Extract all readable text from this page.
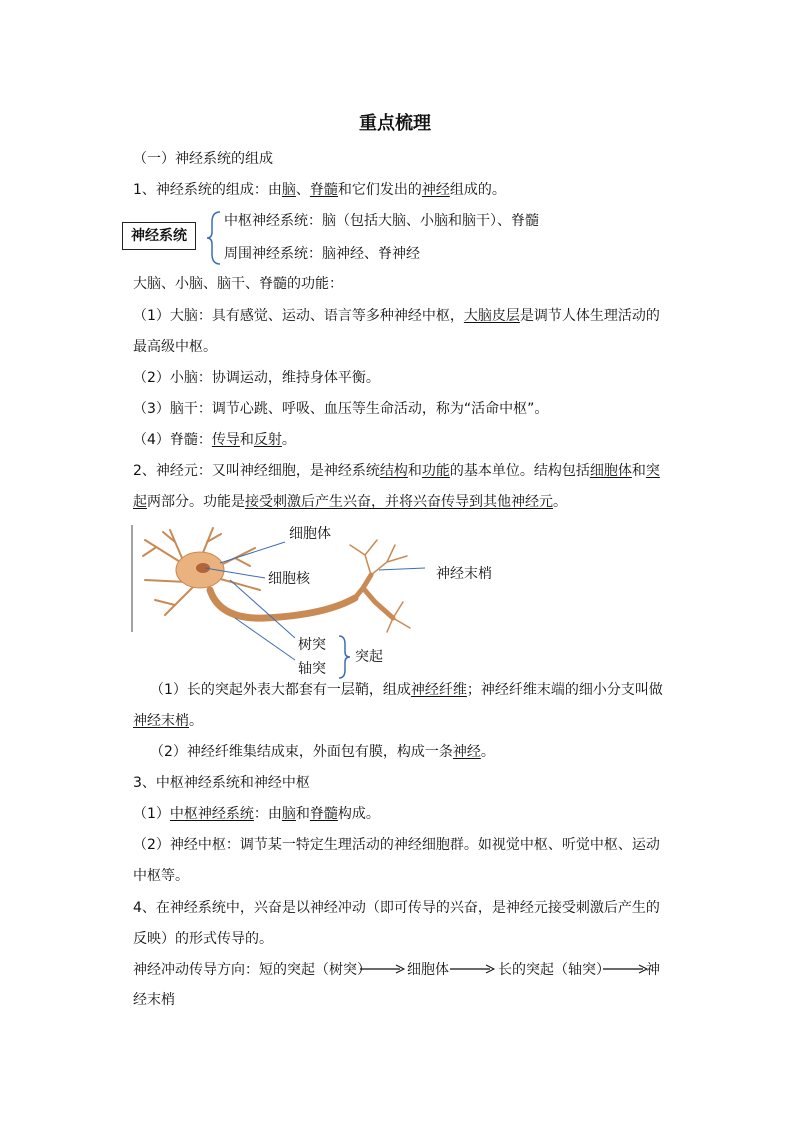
重点梳理
（一）神经系统的组成
1、神经系统的组成：由脑、脊髓和它们发出的神经组成的。
神经系统
中枢神经系统：脑（包括大脑、小脑和脑干）、脊髓
周围神经系统：脑神经、脊神经
大脑、小脑、脑干、脊髓的功能：
（1）大脑：具有感觉、运动、语言等多种神经中枢，大脑皮层是调节人体生理活动的
最高级中枢。
（2）小脑：协调运动，维持身体平衡。
（3）脑干：调节心跳、呼吸、血压等生命活动，称为“活命中枢”。
（4）脊髓：传导和反射。
2、神经元：又叫神经细胞，是神经系统结构和功能的基本单位。结构包括细胞体和突
起两部分。功能是接受刺激后产生兴奋，并将兴奋传导到其他神经元。
细胞体
细胞核	神经末梢
树突
轴突
突起
（1）长的突起外表大都套有一层鞘，组成神经纤维；神经纤维末端的细小分支叫做
神经末梢。
（2）神经纤维集结成束，外面包有膜，构成一条神经。
3、中枢神经系统和神经中枢
（1）中枢神经系统：由脑和脊髓构成。
（2）神经中枢：调节某一特定生理活动的神经细胞群。如视觉中枢、听觉中枢、运动
中枢等。
4、在神经系统中，兴奋是以神经冲动（即可传导的兴奋，是神经元接受刺激后产生的
反映）的形式传导的。
神经冲动传导方向：短的突起（树突）	细胞体	长的突起（轴突）	神
经末梢
